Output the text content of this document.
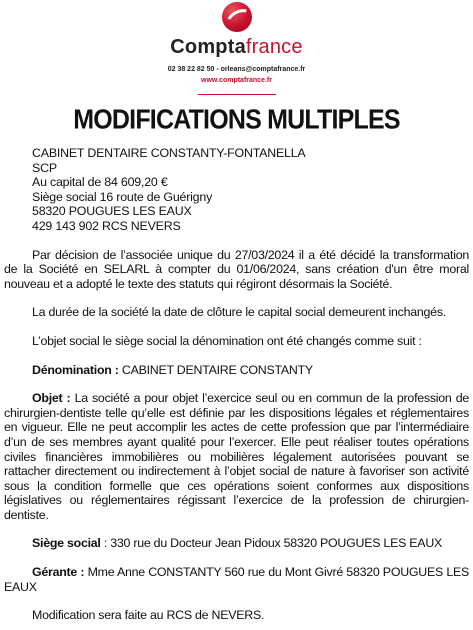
Comptafrance
02 38 22 82 50 - orleans@comptafrance.fr
www.comptafrance.fr
MODIFICATIONS MULTIPLES
CABINET DENTAIRE CONSTANTY-FONTANELLA
SCP
Au capital de 84 609,20 €
Siège social 16 route de Guérigny
58320 POUGUES LES EAUX
429 143 902 RCS NEVERS

Par décision de l’associée unique du 27/03/2024 il a été décidé la transformation de la Société en SELARL à compter du 01/06/2024, sans création d'un être moral nouveau et a adopté le texte des statuts qui régiront désormais la Société.

La durée de la société la date de clôture le capital social demeurent inchangés.

L’objet social le siège social la dénomination ont été changés comme suit :

Dénomination : CABINET DENTAIRE CONSTANTY

Objet : La société a pour objet l’exercice seul ou en commun de la profession de chirurgien-dentiste telle qu’elle est définie par les dispositions légales et réglementaires en vigueur. Elle ne peut accomplir les actes de cette profession que par l’intermédiaire d’un de ses membres ayant qualité pour l’exercer. Elle peut réaliser toutes opérations civiles financières immobilières ou mobilières légalement autorisées pouvant se rattacher directement ou indirectement à l’objet social de nature à favoriser son activité sous la condition formelle que ces opérations soient conformes aux dispositions législatives ou réglementaires régissant l’exercice de la profession de chirurgien-dentiste.

Siège social : 330 rue du Docteur Jean Pidoux 58320 POUGUES LES EAUX

Gérante : Mme Anne CONSTANTY 560 rue du Mont Givré 58320 POUGUES LES EAUX

Modification sera faite au RCS de NEVERS.
